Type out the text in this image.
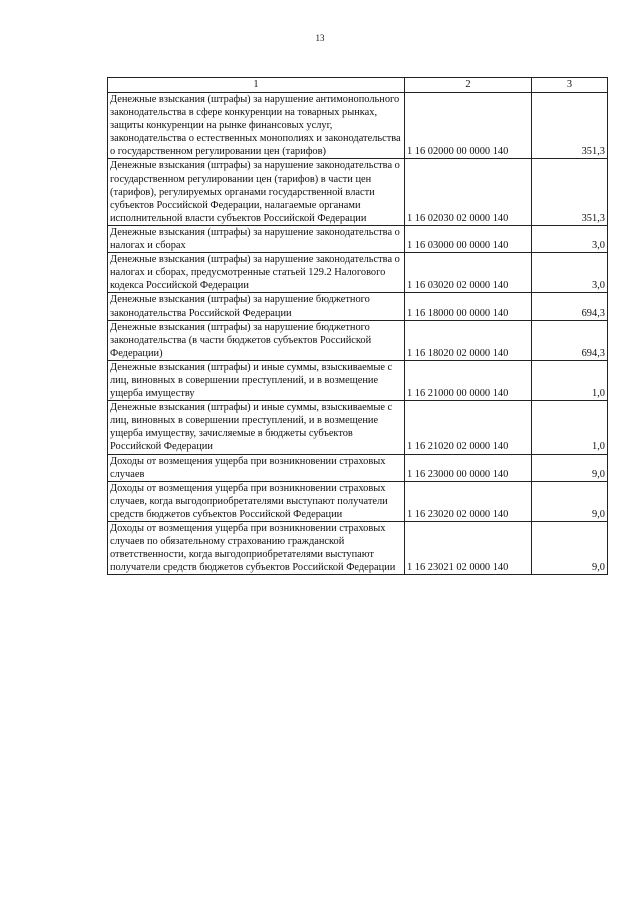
13
1	2	3
Денежные взыскания (штрафы) за нарушение антимонопольного законодательства в сфере конкуренции на товарных рынках, защиты конкуренции на рынке финансовых услуг, законодательства о естественных монополиях и законодательства о государственном регулировании цен (тарифов)	1 16 02000 00 0000 140	351,3
Денежные взыскания (штрафы) за нарушение законодательства о государственном регулировании цен (тарифов) в части цен (тарифов), регулируемых органами государственной власти субъектов Российской Федерации, налагаемые органами исполнительной власти субъектов Российской Федерации	1 16 02030 02 0000 140	351,3
Денежные взыскания (штрафы) за нарушение законодательства о налогах и сборах	1 16 03000 00 0000 140	3,0
Денежные взыскания (штрафы) за нарушение законодательства о налогах и сборах, предусмотренные статьей 129.2 Налогового кодекса Российской Федерации	1 16 03020 02 0000 140	3,0
Денежные взыскания (штрафы) за нарушение бюджетного законодательства Российской Федерации	1 16 18000 00 0000 140	694,3
Денежные взыскания (штрафы) за нарушение бюджетного законодательства (в части бюджетов субъектов Российской Федерации)	1 16 18020 02 0000 140	694,3
Денежные взыскания (штрафы) и иные суммы, взыскиваемые с лиц, виновных в совершении преступлений, и в возмещение ущерба имуществу	1 16 21000 00 0000 140	1,0
Денежные взыскания (штрафы) и иные суммы, взыскиваемые с лиц, виновных в совершении преступлений, и в возмещение ущерба имуществу, зачисляемые в бюджеты субъектов Российской Федерации	1 16 21020 02 0000 140	1,0
Доходы от возмещения ущерба при возникновении страховых случаев	1 16 23000 00 0000 140	9,0
Доходы от возмещения ущерба при возникновении страховых случаев, когда выгодоприобретателями выступают получатели средств бюджетов субъектов Российской Федерации	1 16 23020 02 0000 140	9,0
Доходы от возмещения ущерба при возникновении страховых случаев по обязательному страхованию гражданской ответственности, когда выгодоприобретателями выступают получатели средств бюджетов субъектов Российской Федерации	1 16 23021 02 0000 140	9,0
